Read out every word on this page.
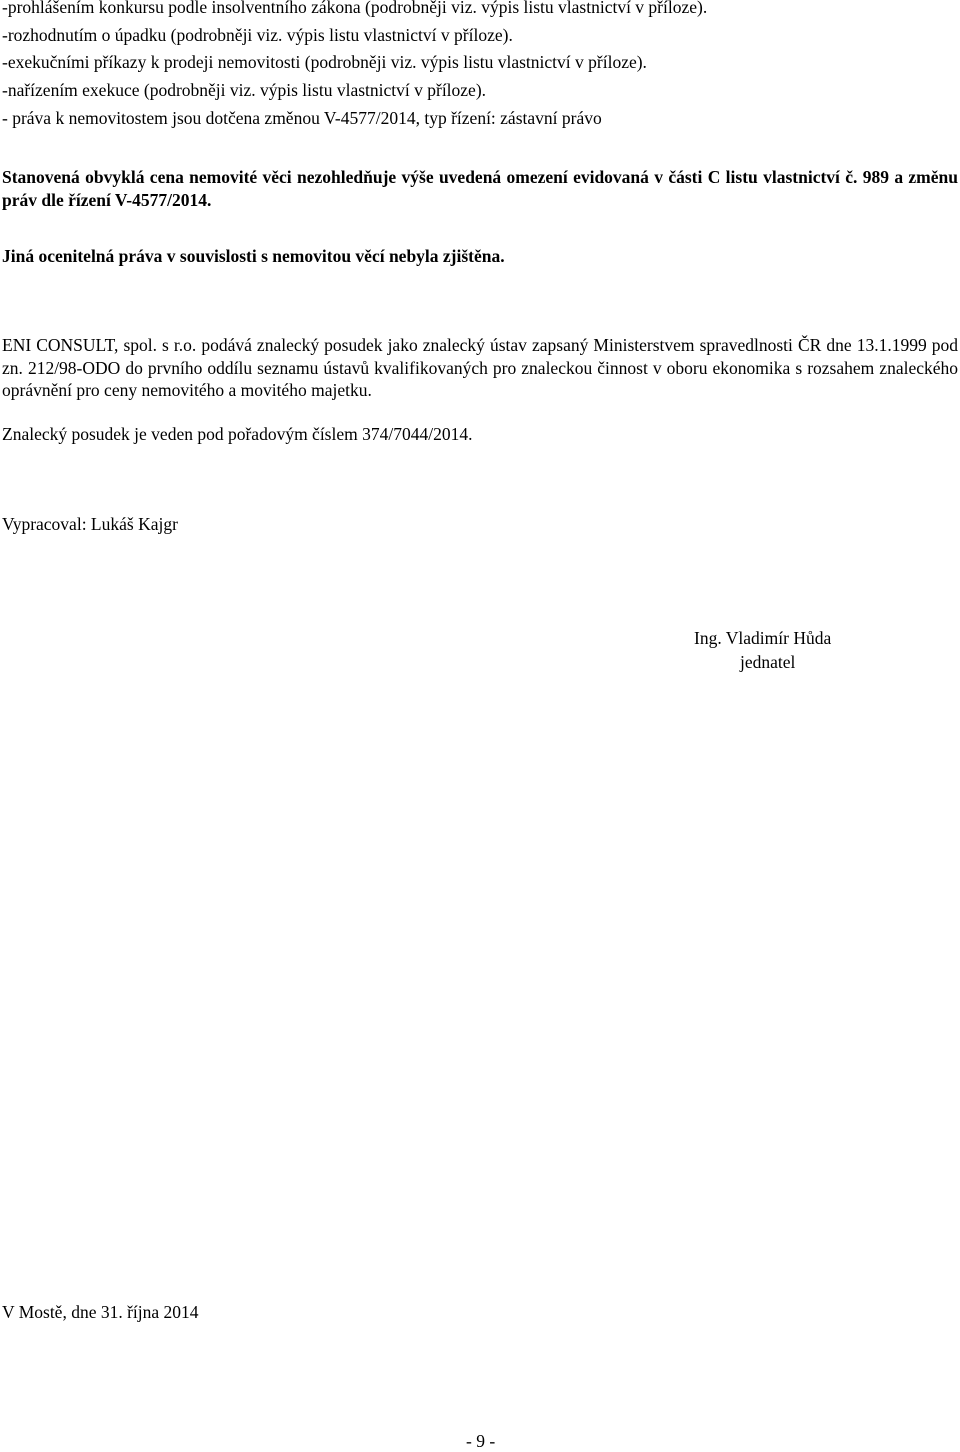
-prohlášením konkursu podle insolventního zákona (podrobněji viz. výpis listu vlastnictví v příloze).
-rozhodnutím o úpadku (podrobněji viz. výpis listu vlastnictví v příloze).
-exekučními příkazy k prodeji nemovitosti (podrobněji viz. výpis listu vlastnictví v příloze).
-nařízením exekuce (podrobněji viz. výpis listu vlastnictví v příloze).
- práva k nemovitostem jsou dotčena změnou V-4577/2014, typ řízení: zástavní právo
Stanovená obvyklá cena nemovité věci nezohledňuje výše uvedená omezení evidovaná v části C listu vlastnictví č. 989 a změnu práv dle řízení V-4577/2014.
Jiná ocenitelná práva v souvislosti s nemovitou věcí nebyla zjištěna.
ENI CONSULT, spol. s r.o. podává znalecký posudek jako znalecký ústav zapsaný Ministerstvem spravedlnosti ČR dne 13.1.1999 pod zn. 212/98-ODO do prvního oddílu seznamu ústavů kvalifikovaných pro znaleckou činnost v oboru ekonomika s rozsahem znaleckého oprávnění pro ceny nemovitého a movitého majetku.
Znalecký posudek je veden pod pořadovým číslem 374/7044/2014.
Vypracoval: Lukáš Kajgr
Ing. Vladimír Hůda
jednatel
V Mostě, dne 31. října 2014
- 9 -
